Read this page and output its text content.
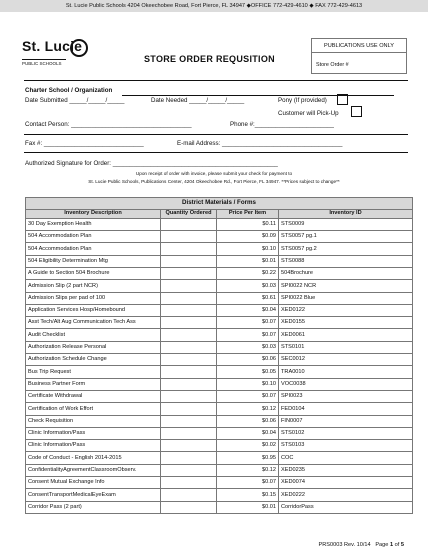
St. Lucie Public Schools 4204 Okeechobee Road, Fort Pierce, FL 34947 ◆OFFICE 772-429-4610 ◆ FAX 772-429-4613
St. Lucie
PUBLIC SCHOOLS	STORE ORDER REQUSITION
PUBLICATIONS USE ONLY
Store Order #
Charter School / Organization
Date Submitted _____/_____/_____	Date Needed _____/_____/_____	Pony (If provided)
Customer will Pick-Up
Contact Person: ___________________________________	Phone #:_______________________
Fax #: _____________________________	E-mail Address: ___________________________________
Authorized Signature for Order: ________________________________________________
Upon receipt of order with invoice, please submit your check for payment to
St. Lucie Public Schools, Publications Center, 4204 Okeechobee Rd., Fort Pierce, FL 34947. **Prices subject to change**
District Materials / Forms			
Inventory Description	Quantity Ordered	Price Per Item	Inventory ID
30 Day Exemption Health		$0.11	STS0009
504 Accommodation Plan		$0.09	STS0057 pg.1
504 Accommodation Plan		$0.10	STS0057 pg.2
504 Eligibility Determination Mtg		$0.01	STS0088
A Guide to Section 504 Brochure		$0.22	504Brochure
Admission Slip (2 part NCR)		$0.03	SPI0022 NCR
Admission Slips per pad of 100		$0.61	SPI0022 Blue
Application Services Hosp/Homebound		$0.04	XED0122
Asst Tech/Alt Aug Communication Tech Ass		$0.07	XED0155
Audit Checklist		$0.07	XED0061
Authorization Release Personal		$0.03	STS0101
Authorization Schedule Change		$0.06	SEC0012
Bus Trip Request		$0.05	TRA0010
Business Partner Form		$0.10	VOC0038
Certificate Withdrawal		$0.07	SPI0023
Certification of Work Effort		$0.12	FED0104
Check Requisition		$0.06	FIN0007
Clinic Information/Pass		$0.04	STS0102
Clinic Information/Pass		$0.02	STS0103
Code of Conduct - English 2014-2015		$0.95	COC
ConfidentialityAgreementClassroomObserv.		$0.12	XED0235
Consent Mutual Exchange Info		$0.07	XED0074
ConsentTransportMedicalEyeExam		$0.15	XED0222
Corridor Pass (2 part)		$0.01	CorridorPass
PRS0003 Rev. 10/14 Page 1 of 5
